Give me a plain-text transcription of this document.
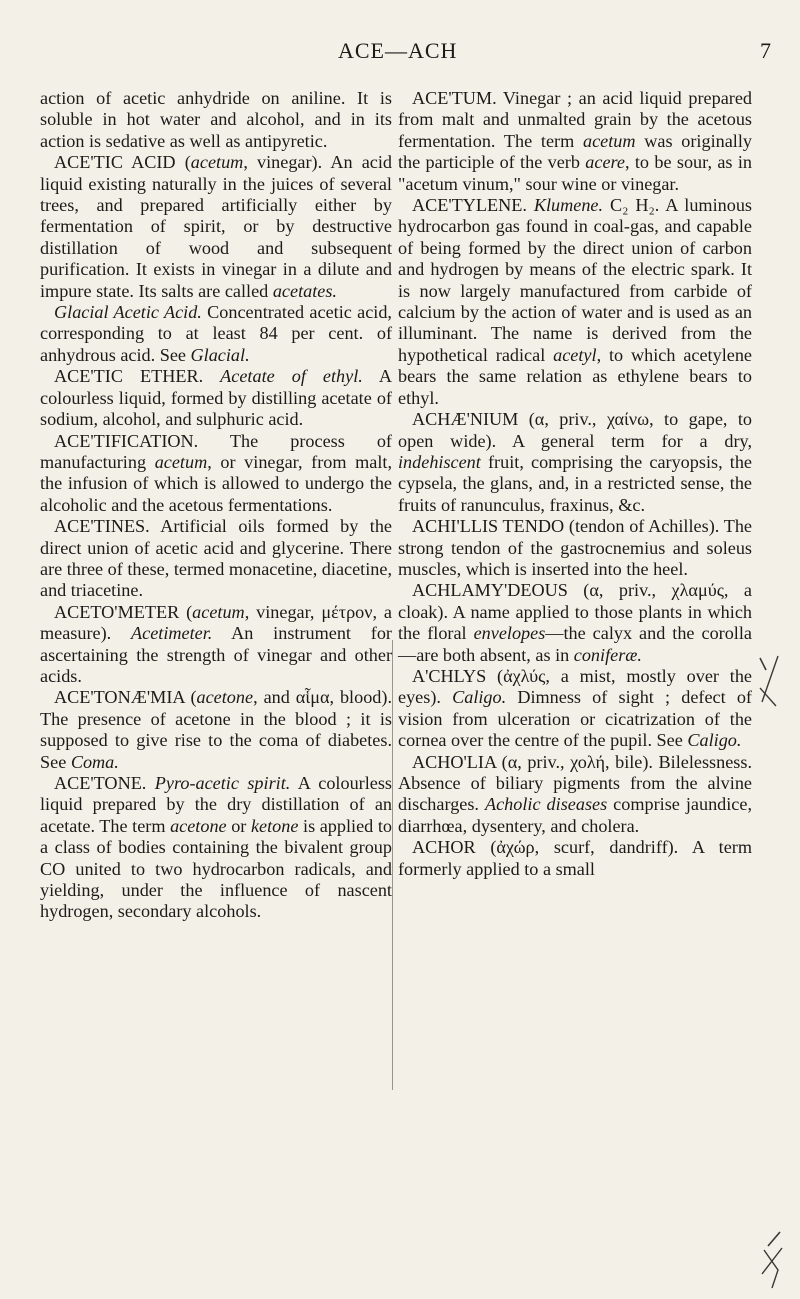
ACE—ACH	7

action of acetic anhydride on aniline. It is soluble in hot water and alcohol, and in its action is sedative as well as antipyretic.

ACE'TIC ACID (acetum, vinegar). An acid liquid existing naturally in the juices of several trees, and prepared artificially either by fermentation of spirit, or by destructive distillation of wood and subsequent purification. It exists in vinegar in a dilute and impure state. Its salts are called acetates.

Glacial Acetic Acid. Concentrated acetic acid, corresponding to at least 84 per cent. of anhydrous acid. See Glacial.

ACE'TIC ETHER. Acetate of ethyl. A colourless liquid, formed by distilling acetate of sodium, alcohol, and sulphuric acid.

ACE'TIFICATION. The process of manufacturing acetum, or vinegar, from malt, the infusion of which is allowed to undergo the alcoholic and the acetous fermentations.

ACE'TINES. Artificial oils formed by the direct union of acetic acid and glycerine. There are three of these, termed monacetine, diacetine, and triacetine.

ACETO'METER (acetum, vinegar, μέτρον, a measure). Acetimeter. An instrument for ascertaining the strength of vinegar and other acids.

ACE'TONÆ'MIA (acetone, and αἷμα, blood). The presence of acetone in the blood ; it is supposed to give rise to the coma of diabetes. See Coma.

ACE'TONE. Pyro-acetic spirit. A colourless liquid prepared by the dry distillation of an acetate. The term acetone or ketone is applied to a class of bodies containing the bivalent group CO united to two hydrocarbon radicals, and yielding, under the influence of nascent hydrogen, secondary alcohols.

ACE'TUM. Vinegar ; an acid liquid prepared from malt and unmalted grain by the acetous fermentation. The term acetum was originally the participle of the verb acere, to be sour, as in "acetum vinum," sour wine or vinegar.

ACE'TYLENE. Klumene. C₂ H₂. A luminous hydrocarbon gas found in coal-gas, and capable of being formed by the direct union of carbon and hydrogen by means of the electric spark. It is now largely manufactured from carbide of calcium by the action of water and is used as an illuminant. The name is derived from the hypothetical radical acetyl, to which acetylene bears the same relation as ethylene bears to ethyl.

ACHÆ'NIUM (α, priv., χαίνω, to gape, to open wide). A general term for a dry, indehiscent fruit, comprising the caryopsis, the cypsela, the glans, and, in a restricted sense, the fruits of ranunculus, fraxinus, &c.

ACHI'LLIS TENDO (tendon of Achilles). The strong tendon of the gastrocnemius and soleus muscles, which is inserted into the heel.

ACHLAMY'DEOUS (α, priv., χλαμύς, a cloak). A name applied to those plants in which the floral envelopes—the calyx and the corolla —are both absent, as in coniferæ.

A'CHLYS (ἀχλύς, a mist, mostly over the eyes). Caligo. Dimness of sight ; defect of vision from ulceration or cicatrization of the cornea over the centre of the pupil. See Caligo.

ACHO'LIA (α, priv., χολή, bile). Bilelessness. Absence of biliary pigments from the alvine discharges. Acholic diseases comprise jaundice, diarrhœa, dysentery, and cholera.

ACHOR (ἀχώρ, scurf, dandriff). A term formerly applied to a small
